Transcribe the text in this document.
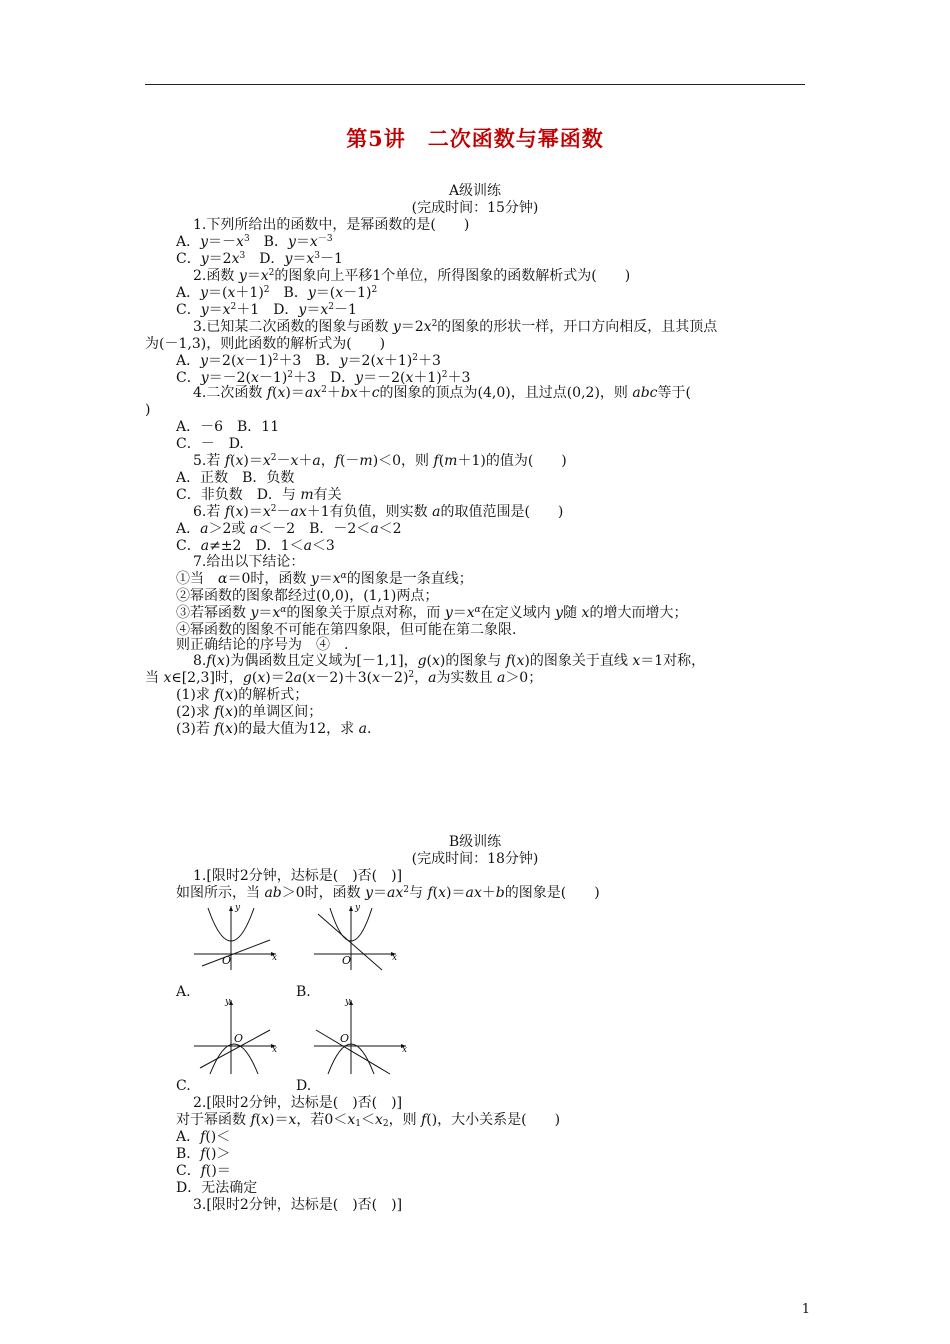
第5讲　二次函数与幂函数
A级训练
(完成时间：15分钟)
1.下列所给出的函数中，是幂函数的是(　　)
A．$y=-x^3$　B．$y=x^{-3}$
C．$y=2x^3$　D．$y=x^3-1$
2.函数 $y=x^2$的图象向上平移1个单位，所得图象的函数解析式为(　　)
A．$y=(x+1)^2$　B．$y=(x-1)^2$
C．$y=x^2+1$　D．$y=x^2-1$
3.已知某二次函数的图象与函数 $y=2x^2$的图象的形状一样，开口方向相反，且其顶点
为(－1,3)，则此函数的解析式为(　　)
A．$y=2(x-1)^2+3$　B．$y=2(x+1)^2+3$
C．$y=-2(x-1)^2+3$　D．$y=-2(x+1)^2+3$
4.二次函数 $f(x)=ax^2+bx+c$的图象的顶点为(4,0)，且过点(0,2)，则 abc等于(
)
A．－6　B．11
C．－　D.
5.若 $f(x)=x^2-x+a$，f(－m)＜0，则 f(m＋1)的值为(　　)
A．正数　B．负数
C．非负数　D．与 m有关
6.若 $f(x)=x^2-ax+1$有负值，则实数 a的取值范围是(　　)
A．a＞2或 a＜－2　B．－2＜a＜2
C．a≠±2　D．1＜a＜3
7.给出以下结论：
①当　α＝0时，函数 $y=x^\alpha$的图象是一条直线；
②幂函数的图象都经过(0,0)，(1,1)两点；
③若幂函数 $y=x^\alpha$的图象关于原点对称，而 $y=x^\alpha$在定义域内 y随 x的增大而增大；
④幂函数的图象不可能在第四象限，但可能在第二象限.
则正确结论的序号为　④　.
8.f(x)为偶函数且定义域为[－1,1]，g(x)的图象与 f(x)的图象关于直线 x＝1对称，
当 x∈[2,3]时，$g(x)=2a(x-2)+3(x-2)^2$，a为实数且 a＞0；
(1)求 f(x)的解析式；
(2)求 f(x)的单调区间；
(3)若 f(x)的最大值为12，求 a.
B级训练
(完成时间：18分钟)
1.[限时2分钟，达标是(　)否(　)]
如图所示，当 ab＞0时，函数 $y=ax^2$与 f(x)＝ax＋b的图象是(　　)
O	x
y
A.
O	x
y
B.
O
x
y
C.
O
x
y
D.
2.[限时2分钟，达标是(　)否(　)]
对于幂函数 f(x)＝x，若$0<x_1<x_2$，则 f()，大小关系是(　　)
A．f()＜
B．f()＞
C．f()＝
D．无法确定
3.[限时2分钟，达标是(　)否(　)]
1
